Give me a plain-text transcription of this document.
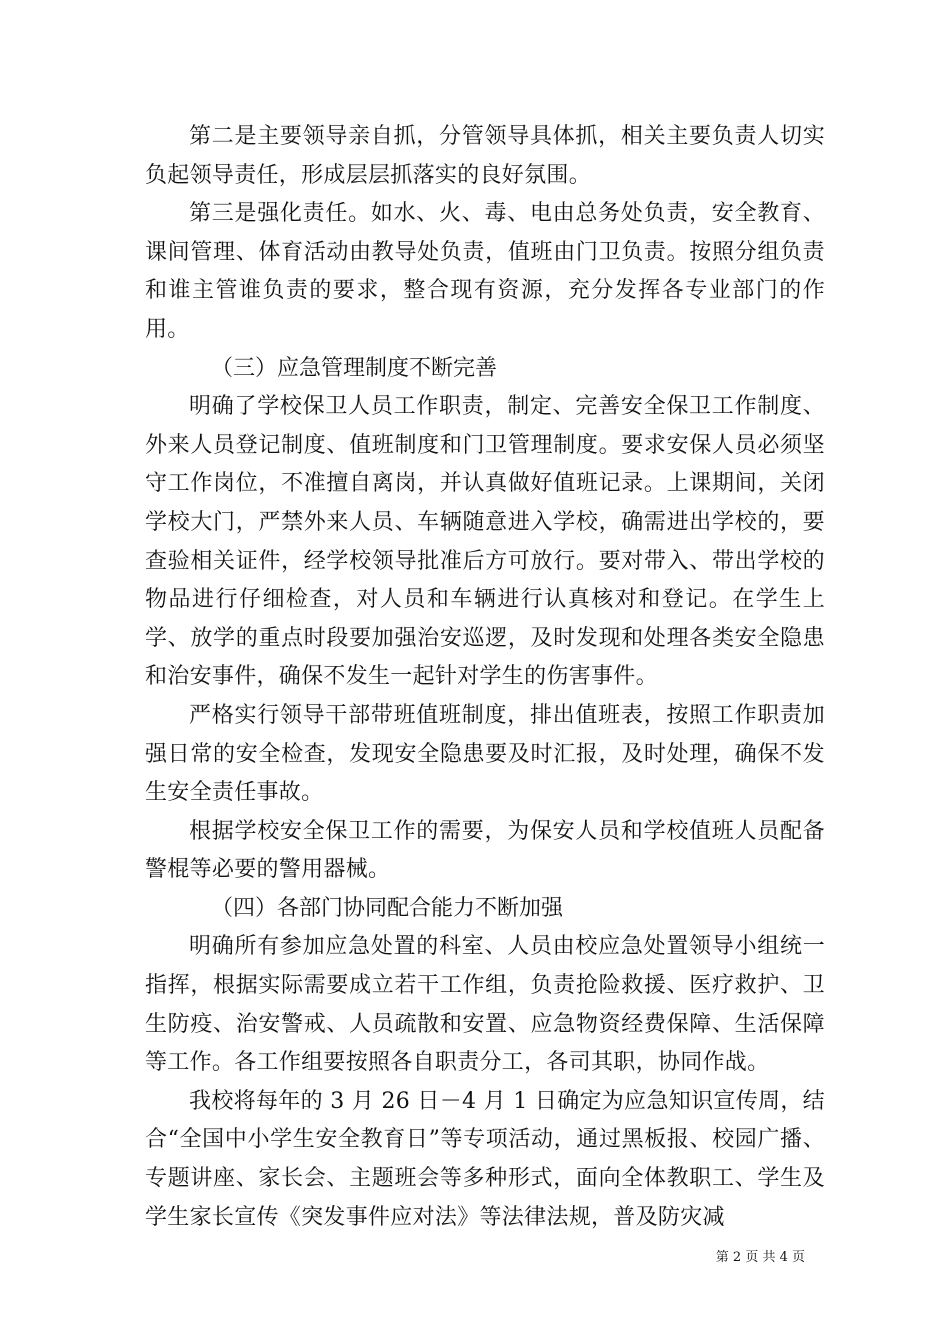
第二是主要领导亲自抓，分管领导具体抓，相关主要负责人切实负起领导责任，形成层层抓落实的良好氛围。

第三是强化责任。如水、火、毒、电由总务处负责，安全教育、课间管理、体育活动由教导处负责，值班由门卫负责。按照分组负责和谁主管谁负责的要求，整合现有资源，充分发挥各专业部门的作用。

（三）应急管理制度不断完善

明确了学校保卫人员工作职责，制定、完善安全保卫工作制度、外来人员登记制度、值班制度和门卫管理制度。要求安保人员必须坚守工作岗位，不准擅自离岗，并认真做好值班记录。上课期间，关闭学校大门，严禁外来人员、车辆随意进入学校，确需进出学校的，要查验相关证件，经学校领导批准后方可放行。要对带入、带出学校的物品进行仔细检查，对人员和车辆进行认真核对和登记。在学生上学、放学的重点时段要加强治安巡逻，及时发现和处理各类安全隐患和治安事件，确保不发生一起针对学生的伤害事件。

严格实行领导干部带班值班制度，排出值班表，按照工作职责加强日常的安全检查，发现安全隐患要及时汇报，及时处理，确保不发生安全责任事故。

根据学校安全保卫工作的需要，为保安人员和学校值班人员配备警棍等必要的警用器械。

（四）各部门协同配合能力不断加强

明确所有参加应急处置的科室、人员由校应急处置领导小组统一指挥，根据实际需要成立若干工作组，负责抢险救援、医疗救护、卫生防疫、治安警戒、人员疏散和安置、应急物资经费保障、生活保障等工作。各工作组要按照各自职责分工，各司其职，协同作战。

我校将每年的 3 月 26 日－4 月 1 日确定为应急知识宣传周，结合“全国中小学生安全教育日”等专项活动，通过黑板报、校园广播、专题讲座、家长会、主题班会等多种形式，面向全体教职工、学生及学生家长宣传《突发事件应对法》等法律法规，普及防灾减

第 2 页 共 4 页
